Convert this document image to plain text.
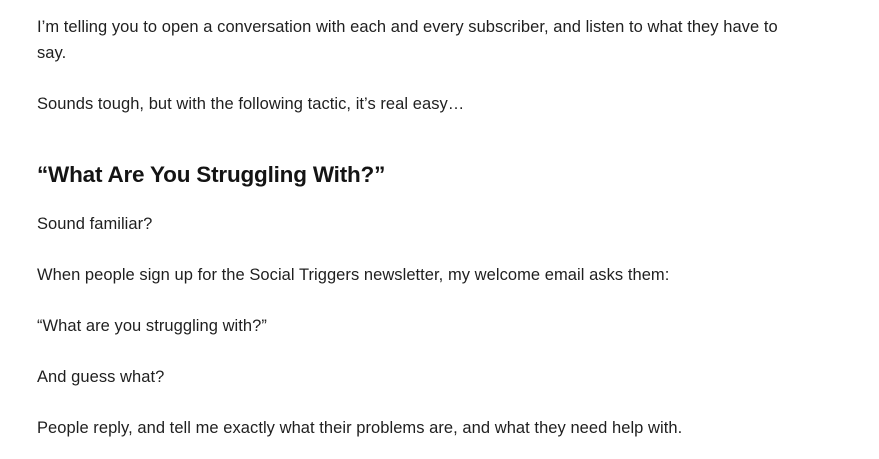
I’m telling you to open a conversation with each and every subscriber, and listen to what they have to say.

Sounds tough, but with the following tactic, it’s real easy…

“What Are You Struggling With?”

Sound familiar?

When people sign up for the Social Triggers newsletter, my welcome email asks them:

“What are you struggling with?”

And guess what?

People reply, and tell me exactly what their problems are, and what they need help with.
